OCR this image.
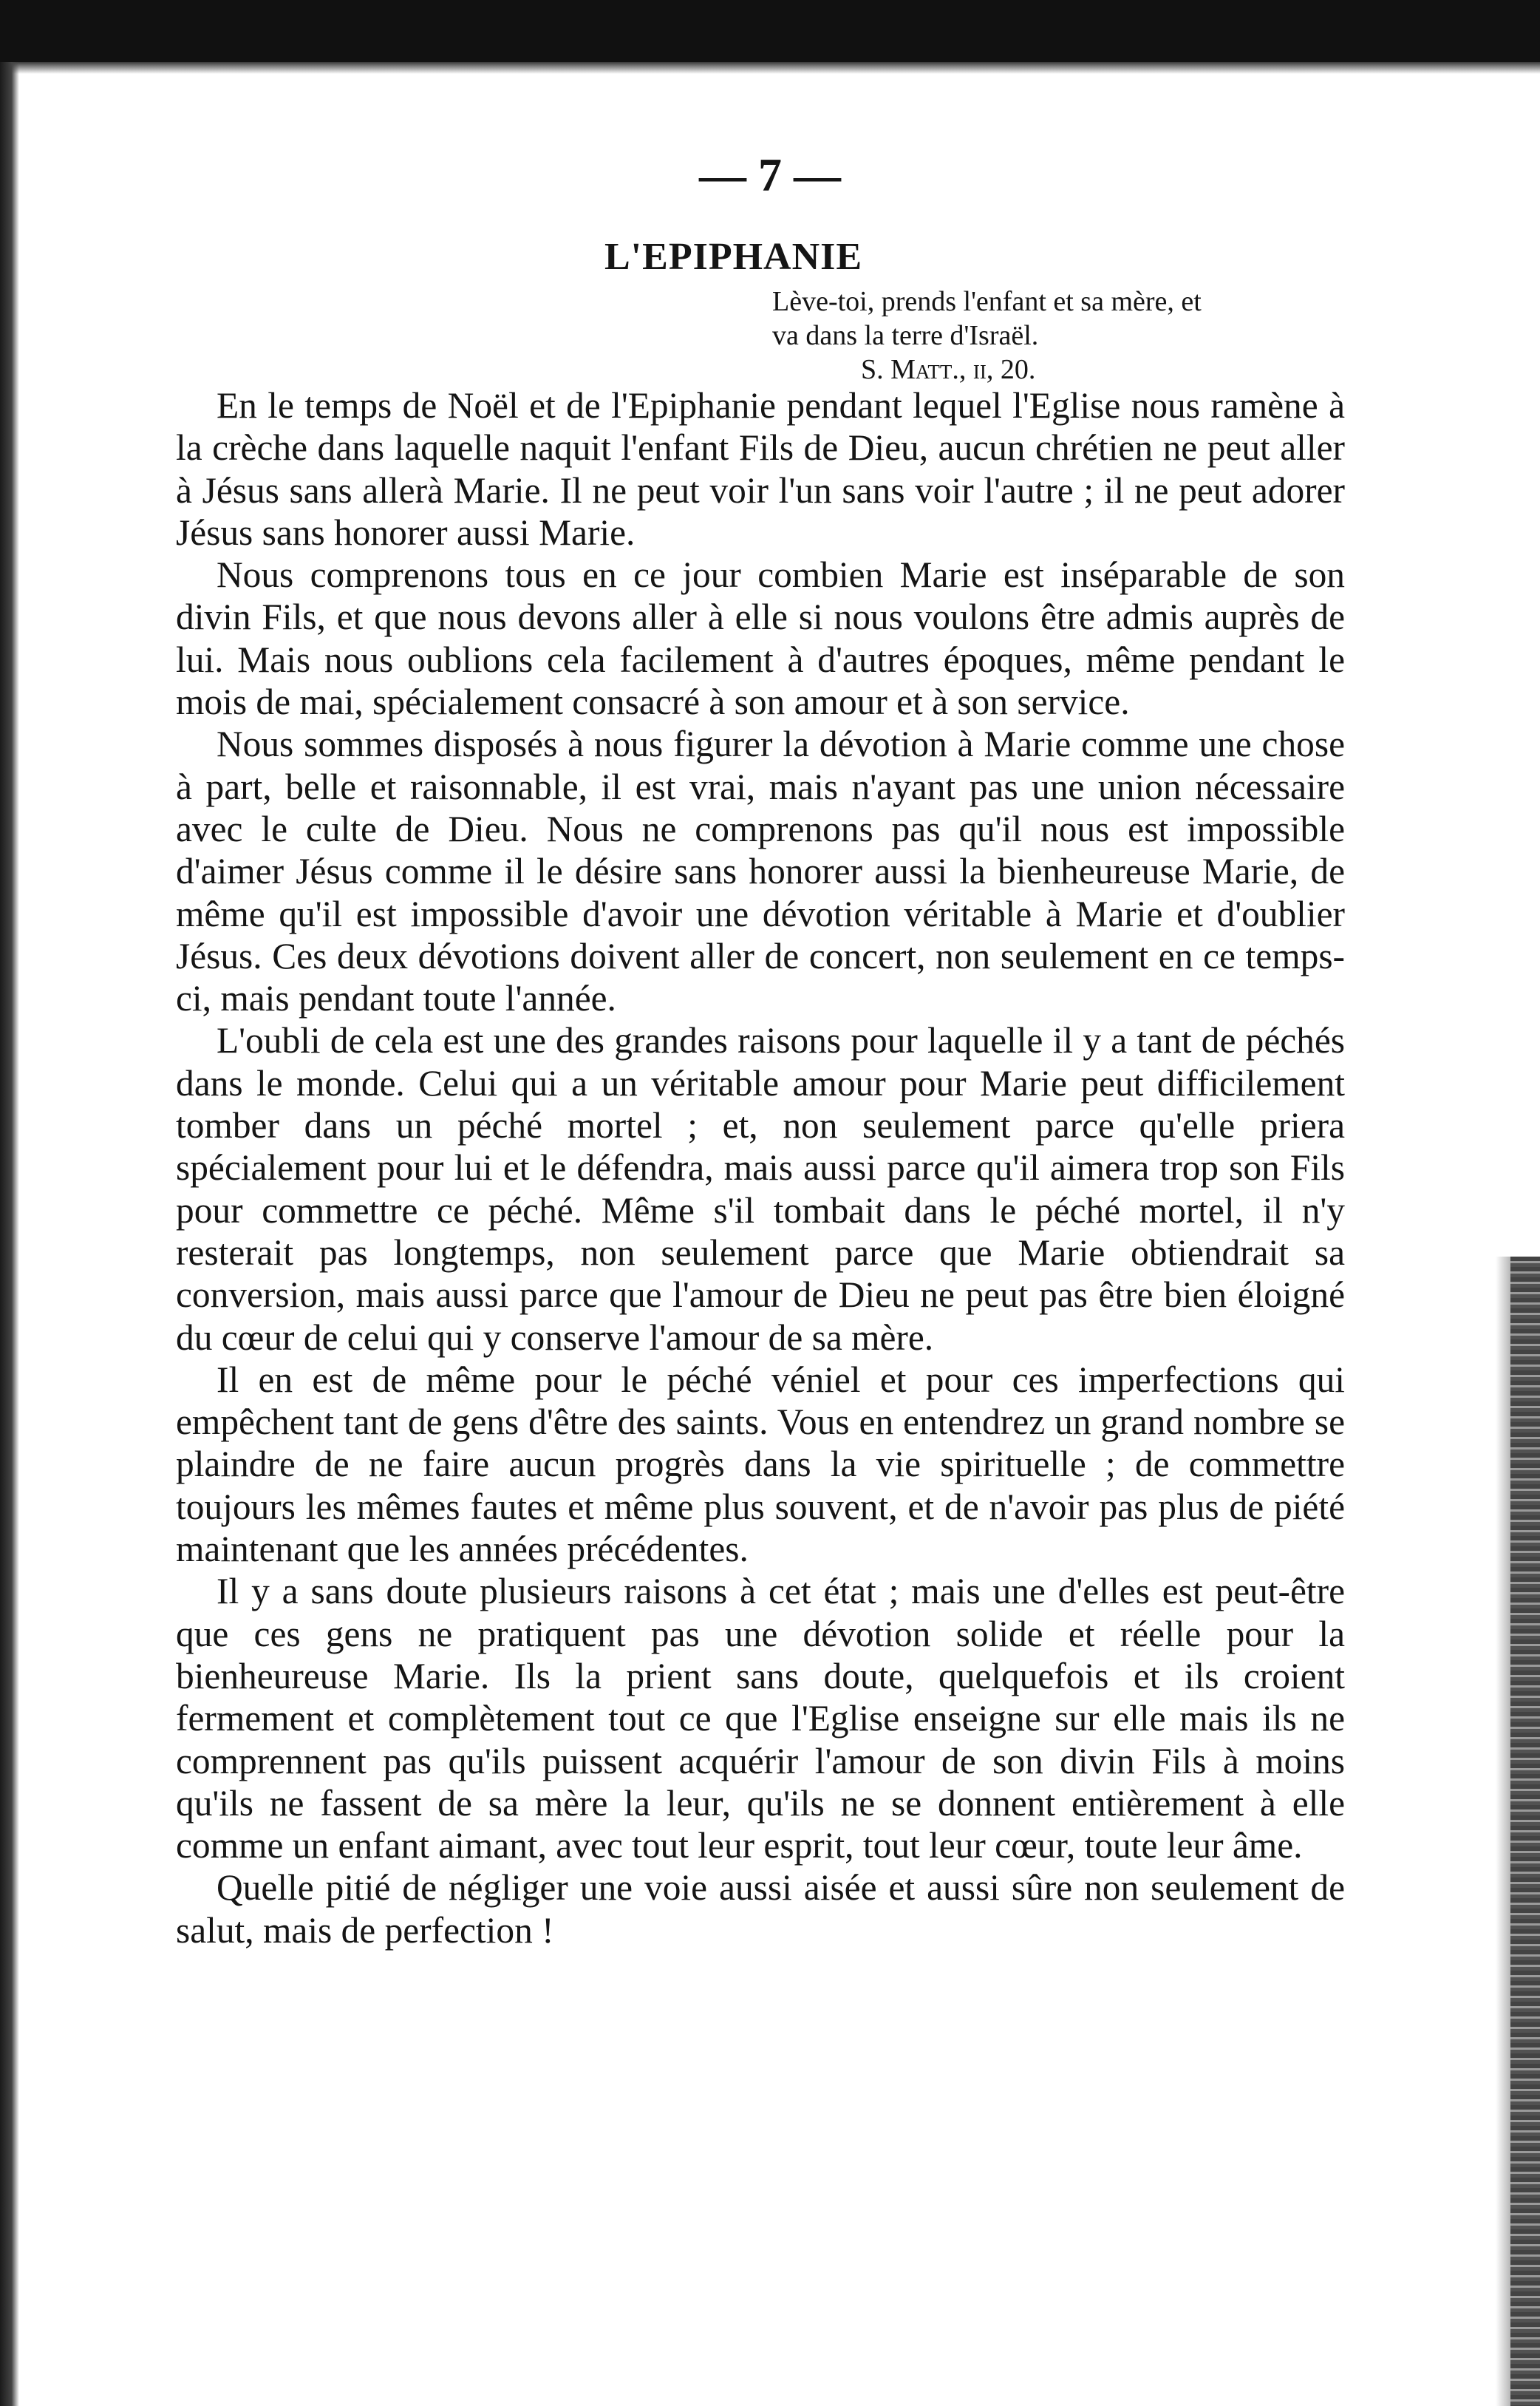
— 7 —
L'EPIPHANIE
Lève-toi, prends l'enfant et sa mère, et
va dans la terre d'Israël.
S. Matt., ii, 20.

En le temps de Noël et de l'Epiphanie pendant lequel l'Eglise nous ramène à la crèche dans laquelle naquit l'enfant Fils de Dieu, aucun chrétien ne peut aller à Jésus sans allerà Marie. Il ne peut voir l'un sans voir l'autre ; il ne peut adorer Jésus sans honorer aussi Marie.

Nous comprenons tous en ce jour combien Marie est inséparable de son divin Fils, et que nous devons aller à elle si nous voulons être admis auprès de lui. Mais nous oublions cela facilement à d'autres époques, même pendant le mois de mai, spécialement consacré à son amour et à son service.

Nous sommes disposés à nous figurer la dévotion à Marie comme une chose à part, belle et raisonnable, il est vrai, mais n'ayant pas une union nécessaire avec le culte de Dieu. Nous ne comprenons pas qu'il nous est impossible d'aimer Jésus comme il le désire sans honorer aussi la bienheureuse Marie, de même qu'il est impossible d'avoir une dévotion véritable à Marie et d'oublier Jésus. Ces deux dévotions doivent aller de concert, non seulement en ce temps-ci, mais pendant toute l'année.

L'oubli de cela est une des grandes raisons pour laquelle il y a tant de péchés dans le monde. Celui qui a un véritable amour pour Marie peut difficilement tomber dans un péché mortel ; et, non seulement parce qu'elle priera spécialement pour lui et le défendra, mais aussi parce qu'il aimera trop son Fils pour commettre ce péché. Même s'il tombait dans le péché mortel, il n'y resterait pas longtemps, non seulement parce que Marie obtiendrait sa conversion, mais aussi parce que l'amour de Dieu ne peut pas être bien éloigné du cœur de celui qui y conserve l'amour de sa mère.

Il en est de même pour le péché véniel et pour ces imperfections qui empêchent tant de gens d'être des saints. Vous en entendrez un grand nombre se plaindre de ne faire aucun progrès dans la vie spirituelle ; de commettre toujours les mêmes fautes et même plus souvent, et de n'avoir pas plus de piété maintenant que les années précédentes.

Il y a sans doute plusieurs raisons à cet état ; mais une d'elles est peut-être que ces gens ne pratiquent pas une dévotion solide et réelle pour la bienheureuse Marie. Ils la prient sans doute, quelquefois et ils croient fermement et complètement tout ce que l'Eglise enseigne sur elle mais ils ne comprennent pas qu'ils puissent acquérir l'amour de son divin Fils à moins qu'ils ne fassent de sa mère la leur, qu'ils ne se donnent entièrement à elle comme un enfant aimant, avec tout leur esprit, tout leur cœur, toute leur âme.

Quelle pitié de négliger une voie aussi aisée et aussi sûre non seulement de salut, mais de perfection !
